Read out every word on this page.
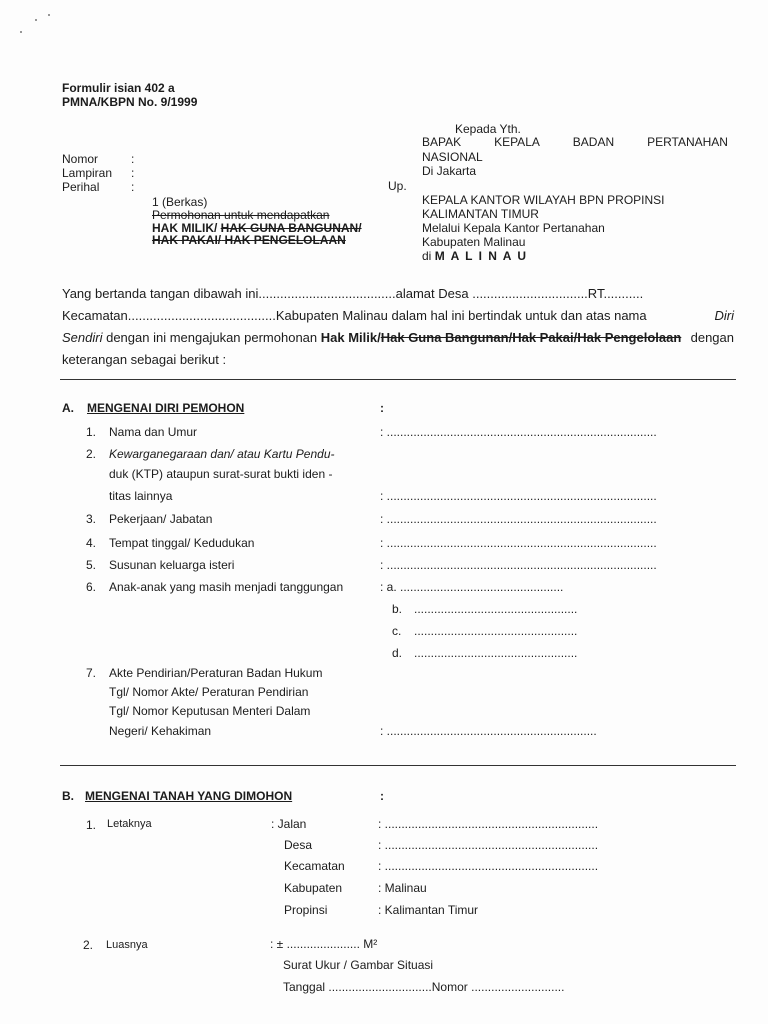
Formulir isian 402 a
PMNA/KBPN No. 9/1999
Kepada Yth.
BAPAK	KEPALA	BADAN	PERTANAHAN
NASIONAL
Di Jakarta
Up.
KEPALA KANTOR WILAYAH BPN PROPINSI
KALIMANTAN TIMUR
Melalui Kepala Kantor Pertanahan
Kabupaten Malinau
di M A L I N A U
Nomor	:
Lampiran :
Perihal	:
1 (Berkas)
Permohonan untuk mendapatkan
HAK MILIK/ HAK GUNA BANGUNAN/
HAK PAKAI/ HAK PENGELOLAAN
Yang bertanda tangan dibawah ini......................................alamat Desa ................................RT...........
Kecamatan.........................................Kabupaten Malinau dalam hal ini bertindak untuk dan atas nama	Diri
Sendiri dengan ini mengajukan permohonan Hak Milik/Hak Guna Bangunan/Hak Pakai/Hak Pengelolaan dengan
keterangan sebagai berikut :
A. MENGENAI DIRI PEMOHON	:
1. Nama dan Umur	: .................................................................................
2. Kewarganegaraan dan/ atau Kartu Pendu-
duk (KTP) ataupun surat-surat bukti iden -
titas lainnya	: .................................................................................
3. Pekerjaan/ Jabatan	: .................................................................................
4. Tempat tinggal/ Kedudukan	: .................................................................................
5. Susunan keluarga isteri	: .................................................................................
6. Anak-anak yang masih menjadi tanggungan	: a. .................................................
b. .................................................
c. .................................................
d. .................................................
7. Akte Pendirian/Peraturan Badan Hukum
Tgl/ Nomor Akte/ Peraturan Pendirian
Tgl/ Nomor Keputusan Menteri Dalam
Negeri/ Kehakiman	: ...............................................................
B. MENGENAI TANAH YANG DIMOHON	:
1. Letaknya	: Jalan	: ................................................................
Desa	: ................................................................
Kecamatan	: ................................................................
Kabupaten	: Malinau
Propinsi	: Kalimantan Timur
2. Luasnya	: ± ...................... M²
Surat Ukur / Gambar Situasi
Tanggal ...............................Nomor ............................
